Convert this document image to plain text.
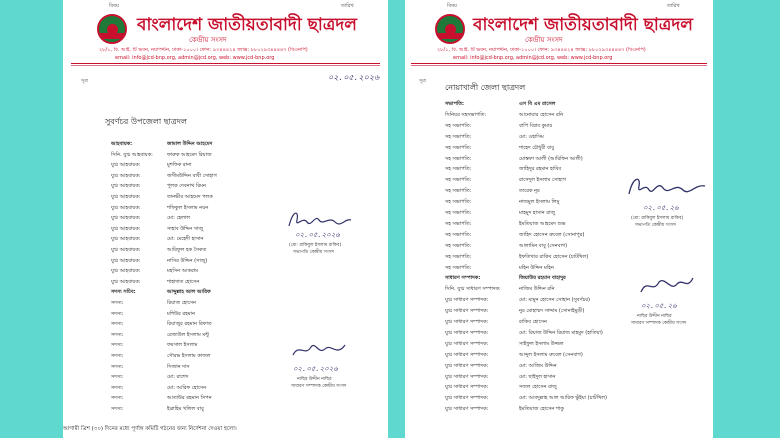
বিষয়	তারিখ
বাংলাদেশ জাতীয়তাবাদী ছাত্রদল
কেন্দ্রীয় সংসদ
২৮/১, বি. আই. টি ভবন, নয়াপল্টন, ঢাকা-১০০০। ফোন: ৯৩৪৪৪২৪ ফ্যাক্স: ৮৮০২৯৩৪৪৪৪৭ (বিএনপি)
email: info@jcd-bnp.org, admin@jcd.org, web: www.jcd-bnp.org
সূত্র	০২.০৫.২০২৬
সুবর্ণচর উপজেলা ছাত্রদল
আহবায়ক:	জামাল উদ্দিন আহমেদ
সিনি. যুগ্ম আহবায়ক:	ফারুক আহমেদ রিয়াজ
যুগ্ম আহবায়ক:	মুশফিক রানা
যুগ্ম আহবায়ক:	জসীমউদ্দিন বাবী সোহাগ
যুগ্ম আহবায়ক:	পুলক দেবনাথ রিমন
যুগ্ম আহবায়ক:	তানভীর আহমেদ পলক
যুগ্ম আহবায়ক:	শফিকুল ইসলাম নয়ন
যুগ্ম আহবায়ক:	মো: হেলাল
যুগ্ম আহবায়ক:	সাহাব উদ্দিন সাজু
যুগ্ম আহবায়ক:	মো: মেহেদী হাসান
যুগ্ম আহবায়ক:	আরিফুল হক সৈকত
যুগ্ম আহবায়ক:	নাসির উদ্দিন (সাজু)
যুগ্ম আহবায়ক:	মহসিন আকরাম
যুগ্ম আহবায়ক:	শাহাদাত হোসেন
সদস্য সচিব:	আব্দুল্লাহ আল আরিফ
সদস্য:	রিয়াজ হোসেন
সদস্য:	মশিউর রহমান
সদস্য:	রিয়াজুর রহমান রিফাত
সদস্য:	রেজাউল ইসলাম মন্টু
সদস্য:	ফয়সাল ইসলাম
সদস্য:	সৌরভ ইসলাম কাজল
সদস্য:	সিজান দাস
সদস্য:	মো: রাশেদ
সদস্য:	মো: আরিফ হোসেন
সদস্য:	আতাউর রহমান সিপন
সদস্য:	ইব্রাহিম খলিল বাবু
০২.০৫.২০২৬
(মো: রাকিবুল ইসলাম রাকিব)
সভাপতি কেন্দ্রীয় সংসদ
০২.০৫.২০২৬
নাছির উদ্দীন নাছির
সাধারণ সম্পাদক কেন্দ্রীয় সংসদ
আগামী ত্রিশ (৩০) দিনের মধ্যে পূর্ণাঙ্গ কমিটি গঠনের জন্য নির্দেশনা দেওয়া হলো।
বিষয়	তারিখ
বাংলাদেশ জাতীয়তাবাদী ছাত্রদল
কেন্দ্রীয় সংসদ
২৮/১, বি. আই. টি ভবন, নয়াপল্টন, ঢাকা-১০০০। ফোন: ৯৩৪৪৪২৪ ফ্যাক্স: ৮৮০২৯৩৪৪৪৪৭ (বিএনপি)
email: info@jcd-bnp.org, admin@jcd.org, web: www.jcd-bnp.org
সূত্র
নোয়াখালী জেলা ছাত্রদল
সভাপতি:	এস বি এম রাসেল
সিনিয়র সহসভাপতি:	আনোয়ার হোসেন রনি
সহ সভাপতি:	বাপি বিপ্লব কুমার
সহ সভাপতি:	মো: ওহাসিম
সহ সভাপতি:	শাহেদ চৌধুরী বাবু
সহ সভাপতি:	মোস্তফা আলী (আরিফিন আলী)
সহ সভাপতি:	জাহিদুর রহমান হাবিব
সহ সভাপতি:	রাসেদুল ইসলাম সোহাগ
সহ সভাপতি:	তারেক নূর
সহ সভাপতি:	নাজমুল ইসলাম লিমু
সহ সভাপতি:	মাহমুদ হাসান রাজু
সহ সভাপতি:	ইমতিয়াজ আহমেদ শুভ
সহ সভাপতি:	জাহিদ হোসেন রুবেল (সোনাপুর)
সহ সভাপতি:	আলামিন বাবু (সেনবাগ)
সহ সভাপতি:	ইফতিখার রাকিব হোসেন (চাটখিল)
সহ সভাপতি:	মহিন উদ্দিন মহিন
সাধারণ সম্পাদক:	জিয়াউর রহমান বাহাদুর
সিনি. যুগ্ম সাধারণ সম্পাদক:	নাজিম উদ্দিন রনি
যুগ্ম সাধারণ সম্পাদক:	মো: মামুন হোসেন সোহান (সুবর্ণচর)
যুগ্ম সাধারণ সম্পাদক:	নুর মোহাম্মদ সাদ্দাম (সোনাইমুড়ী)
যুগ্ম সাধারণ সম্পাদক:	রাকিব হোসেন
যুগ্ম সাধারণ সম্পাদক:	মো: রিয়াজ উদ্দিন রিয়াজ মাহমুদ (হাতিয়া)
যুগ্ম সাধারণ সম্পাদক:	সাইফুল ইসলাম উজ্জল
যুগ্ম সাধারণ সম্পাদক:	আব্দুল ইসলাম রুবেল (সেনবাগ)
যুগ্ম সাধারণ সম্পাদক:	মো: আজিম উদ্দিন
যুগ্ম সাধারণ সম্পাদক:	মো: ছাইদুল হাসান
যুগ্ম সাধারণ সম্পাদক:	সজল হোসেন রাজু
যুগ্ম সাধারণ সম্পাদক:	মো: আবদুল্লাহ আল আরিফ ভুঁইয়া (চাটখিল)
যুগ্ম সাধারণ সম্পাদক:	ইমতিয়াজ হোসেন শাকু
০২.০৫.২৬
(মো: রাকিবুল ইসলাম রাকিব)
সভাপতি কেন্দ্রীয় সংসদ
০২.০৫.২৬
নাছির উদ্দীন নাছির
সাধারণ সম্পাদক কেন্দ্রীয় সংসদ
